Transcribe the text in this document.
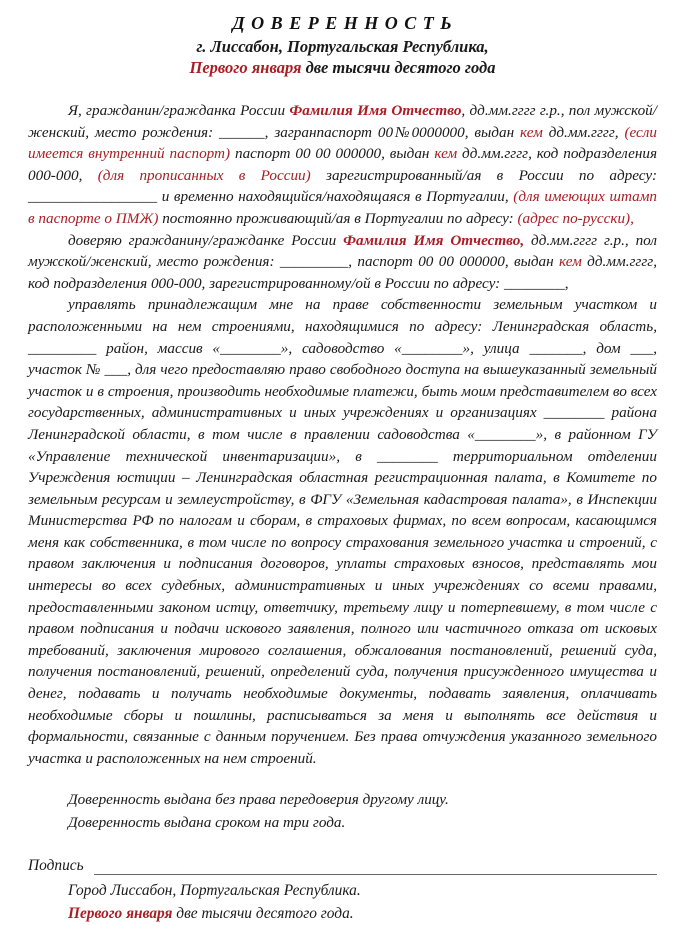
Д О В Е Р Е Н Н О С Т Ь
г. Лиссабон, Португальская Республика,
Первого января две тысячи десятого года

Я, гражданин/гражданка России Фамилия Имя Отчество, дд.мм.гггг г.р., пол мужской/женский, место рождения: ______, загранпаспорт 00№0000000, выдан кем дд.мм.гггг, (если имеется внутренний паспорт) паспорт 00 00 000000, выдан кем дд.мм.гггг, код подразделения 000-000, (для прописанных в России) зарегистрированный/ая в России по адресу: _________________ и временно находящийся/находящаяся в Португалии, (для имеющих штамп в паспорте о ПМЖ) постоянно проживающий/ая в Португалии по адресу: (адрес по-русски),

доверяю гражданину/гражданке России Фамилия Имя Отчество, дд.мм.гггг г.р., пол мужской/женский, место рождения: _________, паспорт 00 00 000000, выдан кем дд.мм.гггг, код подразделения 000-000, зарегистрированному/ой в России по адресу: ________,

управлять принадлежащим мне на праве собственности земельным участком и расположенными на нем строениями, находящимися по адресу: Ленинградская область, _________ район, массив «________», садоводство «________», улица _______, дом ___, участок № ___, для чего предоставляю право свободного доступа на вышеуказанный земельный участок и в строения, производить необходимые платежи, быть моим представителем во всех государственных, административных и иных учреждениях и организациях ________ района Ленинградской области, в том числе в правлении садоводства «________», в районном ГУ «Управление технической инвентаризации», в ________ территориальном отделении Учреждения юстиции – Ленинградская областная регистрационная палата, в Комитете по земельным ресурсам и землеустройству, в ФГУ «Земельная кадастровая палата», в Инспекции Министерства РФ по налогам и сборам, в страховых фирмах, по всем вопросам, касающимся меня как собственника, в том числе по вопросу страхования земельного участка и строений, с правом заключения и подписания договоров, уплаты страховых взносов, представлять мои интересы во всех судебных, административных и иных учреждениях со всеми правами, предоставленными законом истцу, ответчику, третьему лицу и потерпевшему, в том числе с правом подписания и подачи искового заявления, полного или частичного отказа от исковых требований, заключения мирового соглашения, обжалования постановлений, решений суда, получения постановлений, решений, определений суда, получения присужденного имущества и денег, подавать и получать необходимые документы, подавать заявления, оплачивать необходимые сборы и пошлины, расписываться за меня и выполнять все действия и формальности, связанные с данным поручением. Без права отчуждения указанного земельного участка и расположенных на нем строений.

Доверенность выдана без права передоверия другому лицу.

Доверенность выдана сроком на три года.

Подпись

Город Лиссабон, Португальская Республика.

Первого января две тысячи десятого года.
